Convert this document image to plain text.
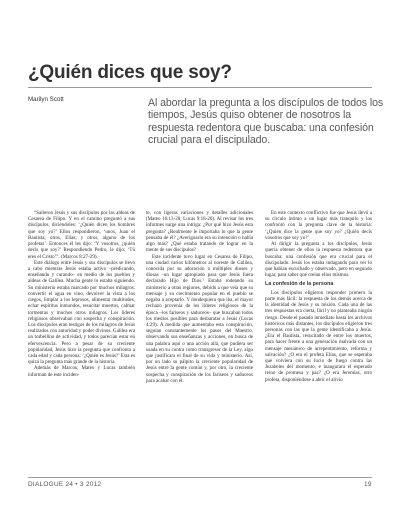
¿Quién dices que soy?
Marilyn Scott	Al abordar la pregunta a los discípulos de todos los tiempos, Jesús quiso obtener de nosotros la respuesta redentora que buscaba: una confesión crucial para el discipulado.

“Salieron Jesús y sus discípulos por las aldeas de Cesarea de Filipo. Y en el camino preguntó a sus discípulos, diciéndoles: ‘¿Quién dicen los hombres que soy yo?’ Ellos respondieron, ‘unos, Juan el Bautista; otros, Elías; y otros, alguno de los profetas’. Entonces él les dijo: ‘Y vosotros, ¿quién decís que soy?’ Respondiendo Pedro, le dijo: ‘Tú eres el Cristo’”. (Marcos 8:27-29).

Este diálogo entre Jesús y sus discípulos se llevó a cabo mientras Jesús estaba activo –predicando, enseñando y curando– en medio de los pueblos y aldeas de Galilea. Mucha gente lo estaba siguiendo. Su ministerio estaba marcado por muchos milagros: convertir el agua en vino, devolver la vista a los ciegos, limpiar a los leprosos, alimentar multitudes, echar espíritus inmundos, resucitar muertos, calmar tormentas y muchos otros milagros. Los líderes religiosos observaban con sospecha y conspiración. Los discípulos eran testigos de los milagros de Jesús realizados con autoridad y poder divinos. Galilea era un torbellino de actividad, y todos parecían estar en efervescencia. Pero a pesar de su creciente popularidad, Jesús hizo la pregunta que confronta a cada edad y cada persona: ‘¿Quién es Jesús?’ Esta es quizá la pregunta más grande de la historia.

Además de Marcos, Mateo y Lucas también informan de este inciden-

te, con ligeras variaciones y detalles adicionales (Mateo 16:13-20; Lucas 9:18-20). Al revisar los tres informes surge una intriga: ¿Por qué hizo Jesús esta pregunta? ¿Realmente le importaba lo que la gente pensaba de él? ¿Averiguarlo era su intención o había algo más? ¿Qué estaba tratando de lograr en la mente de sus discípulos?

Este incidente tuvo lugar en Cesarea de Filipo, una ciudad varios kilómetros al noreste de Galilea, conocida por su adoración a múltiples dioses y diosas –un lugar apropiado para que Jesús fuera declarado Hijo de Dios.¹ Estaba rodeando su ministerio a otras regiones, debido a que veía que su mensaje y su crecimiento popular en el pueblo se negaba a aceptarlo. Y dondequiera que iba, el mayor rechazo provenía de los líderes religiosos de la época –los fariseos y saduceos– que buscaban todos los medios posibles para desbaratar a Jesús (Lucas 4:29). A medida que aumentaba esta conspiración, seguían constantemente los pasos del Maestro, observando sus enseñanzas y acciones, en busca de una palabra aquí o una acción allá, que pudiera ser usada en su contra como transgresor de la Ley, algo que justificara el final de su vida y ministerio. Así, por un lado su pálpito la creciente popularidad de Jesús entre la gente común y, por otro, la creciente sospecha y conspiración de los fariseos y saduceos para acabar con él.

En este contexto conflictivo fue que Jesús llevó a su círculo íntimo a un lugar más tranquilo y los confrontó con la pregunta clave de la historia: ‘¿Quién dice la gente que soy yo? ¿Quién decís vosotros que soy yo?’

Al dirigir la pregunta a los discípulos, Jesús quería obtener de ellos la respuesta redentora que buscaba: una confesión que era crucial para el discipulado. Jesús los estaba indagando para ver lo que habían escuchado y observado, pero en segundo lugar, para saber qué creían ellos mismos.

La confesión de la persona

Los discípulos eligieron responder primero la parte más fácil: la respuesta de los demás acerca de la identidad de Jesús y su misión. Cada una de las tres respuestas era cierta, fácil y no planteaba ningún riesgo. Desde el pasado inmediato hasta los archivos históricos más distantes, los discípulos eligieron tres personas con las que la gente identificaba a Jesús. ¿Era el Bautista, resucitado de entre los muertos, para hacer frente a una generación malvada con un mensaje mesiánico de arrepentimiento, reforma y salvación? ¿O era el profeta Elías, que se esperaba que volviera con su lucio de fuego contra las Jezabeles del momento, e inaugurara el esperado reino de promesa y paz? ¿O era Jeremías, otro profeta, disponiéndose a abrir el alivio

DIALOGUE 24 • 3 2012	19
